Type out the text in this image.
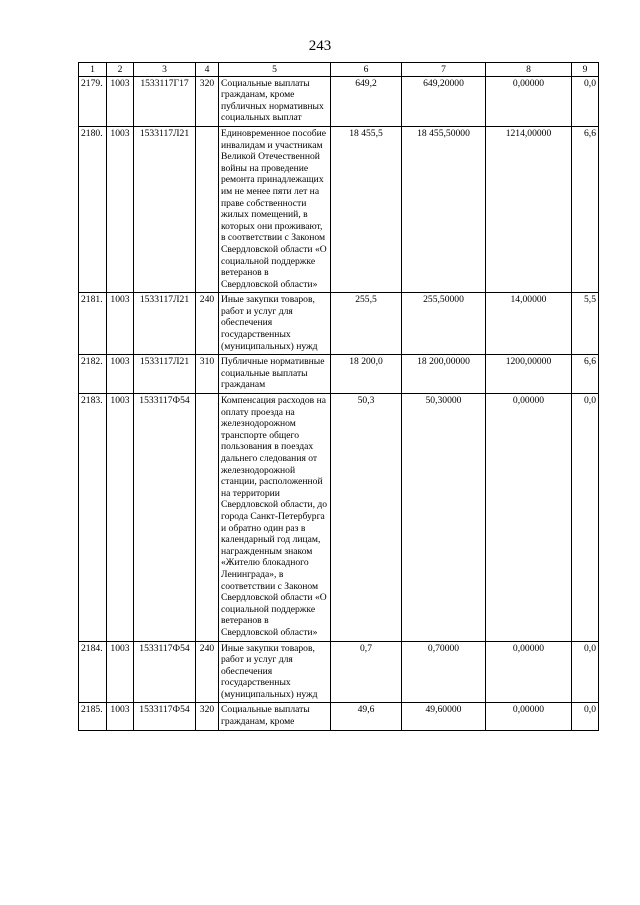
243
1	2	3	4	5	6	7	8	9
2179.	1003	1533117Г17	320	Социальные выплаты гражданам, кроме публичных нормативных социальных выплат	649,2	649,20000	0,00000	0,0
2180.	1003	1533117Л21		Единовременное пособие инвалидам и участникам Великой Отечественной войны на проведение ремонта принадлежащих им не менее пяти лет на праве собственности жилых помещений, в которых они проживают, в соответствии с Законом Свердловской области «О социальной поддержке ветеранов в Свердловской области»	18 455,5	18 455,50000	1214,00000	6,6
2181.	1003	1533117Л21	240	Иные закупки товаров, работ и услуг для обеспечения государственных (муниципальных) нужд	255,5	255,50000	14,00000	5,5
2182.	1003	1533117Л21	310	Публичные нормативные социальные выплаты гражданам	18 200,0	18 200,00000	1200,00000	6,6
2183.	1003	1533117Ф54		Компенсация расходов на оплату проезда на железнодорожном транспорте общего пользования в поездах дальнего следования от железнодорожной станции, расположенной на территории Свердловской области, до города Санкт-Петербурга и обратно один раз в календарный год лицам, награжденным знаком «Жителю блокадного Ленинграда», в соответствии с Законом Свердловской области «О социальной поддержке ветеранов в Свердловской области»	50,3	50,30000	0,00000	0,0
2184.	1003	1533117Ф54	240	Иные закупки товаров, работ и услуг для обеспечения государственных (муниципальных) нужд	0,7	0,70000	0,00000	0,0
2185.	1003	1533117Ф54	320	Социальные выплаты гражданам, кроме	49,6	49,60000	0,00000	0,0
